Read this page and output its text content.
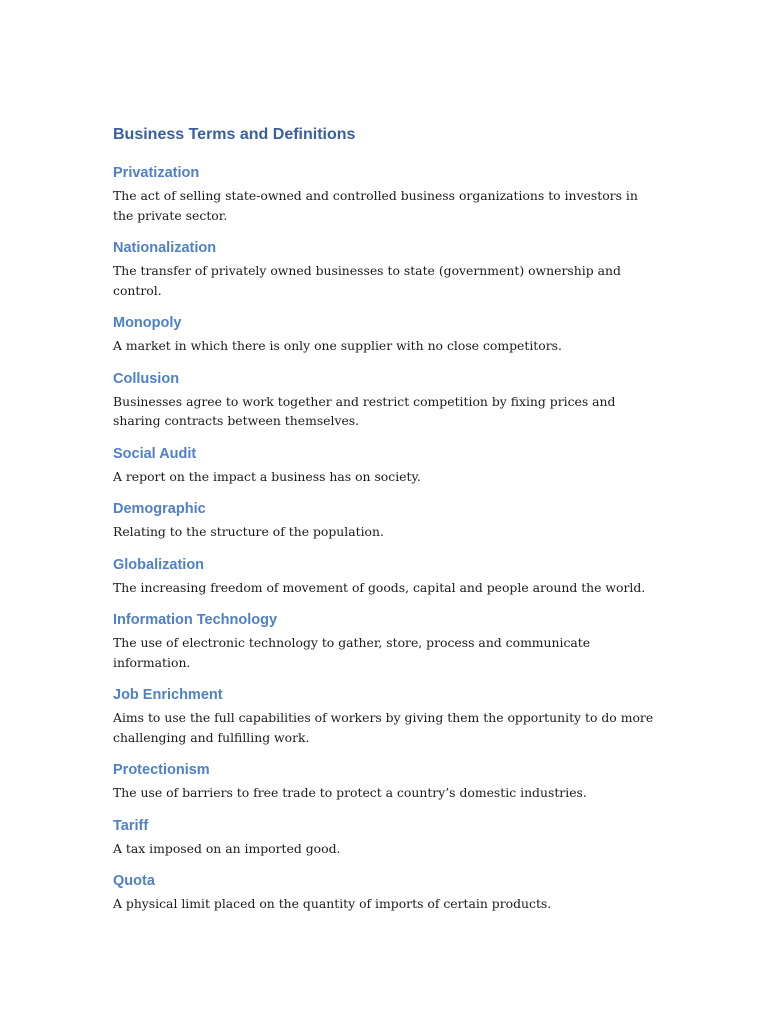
Business Terms and Definitions
Privatization

The act of selling state-owned and controlled business organizations to investors in the private sector.

Nationalization

The transfer of privately owned businesses to state (government) ownership and control.

Monopoly

A market in which there is only one supplier with no close competitors.

Collusion

Businesses agree to work together and restrict competition by fixing prices and sharing contracts between themselves.

Social Audit

A report on the impact a business has on society.

Demographic

Relating to the structure of the population.

Globalization

The increasing freedom of movement of goods, capital and people around the world.

Information Technology

The use of electronic technology to gather, store, process and communicate information.

Job Enrichment

Aims to use the full capabilities of workers by giving them the opportunity to do more challenging and fulfilling work.

Protectionism

The use of barriers to free trade to protect a country’s domestic industries.

Tariff

A tax imposed on an imported good.

Quota

A physical limit placed on the quantity of imports of certain products.
